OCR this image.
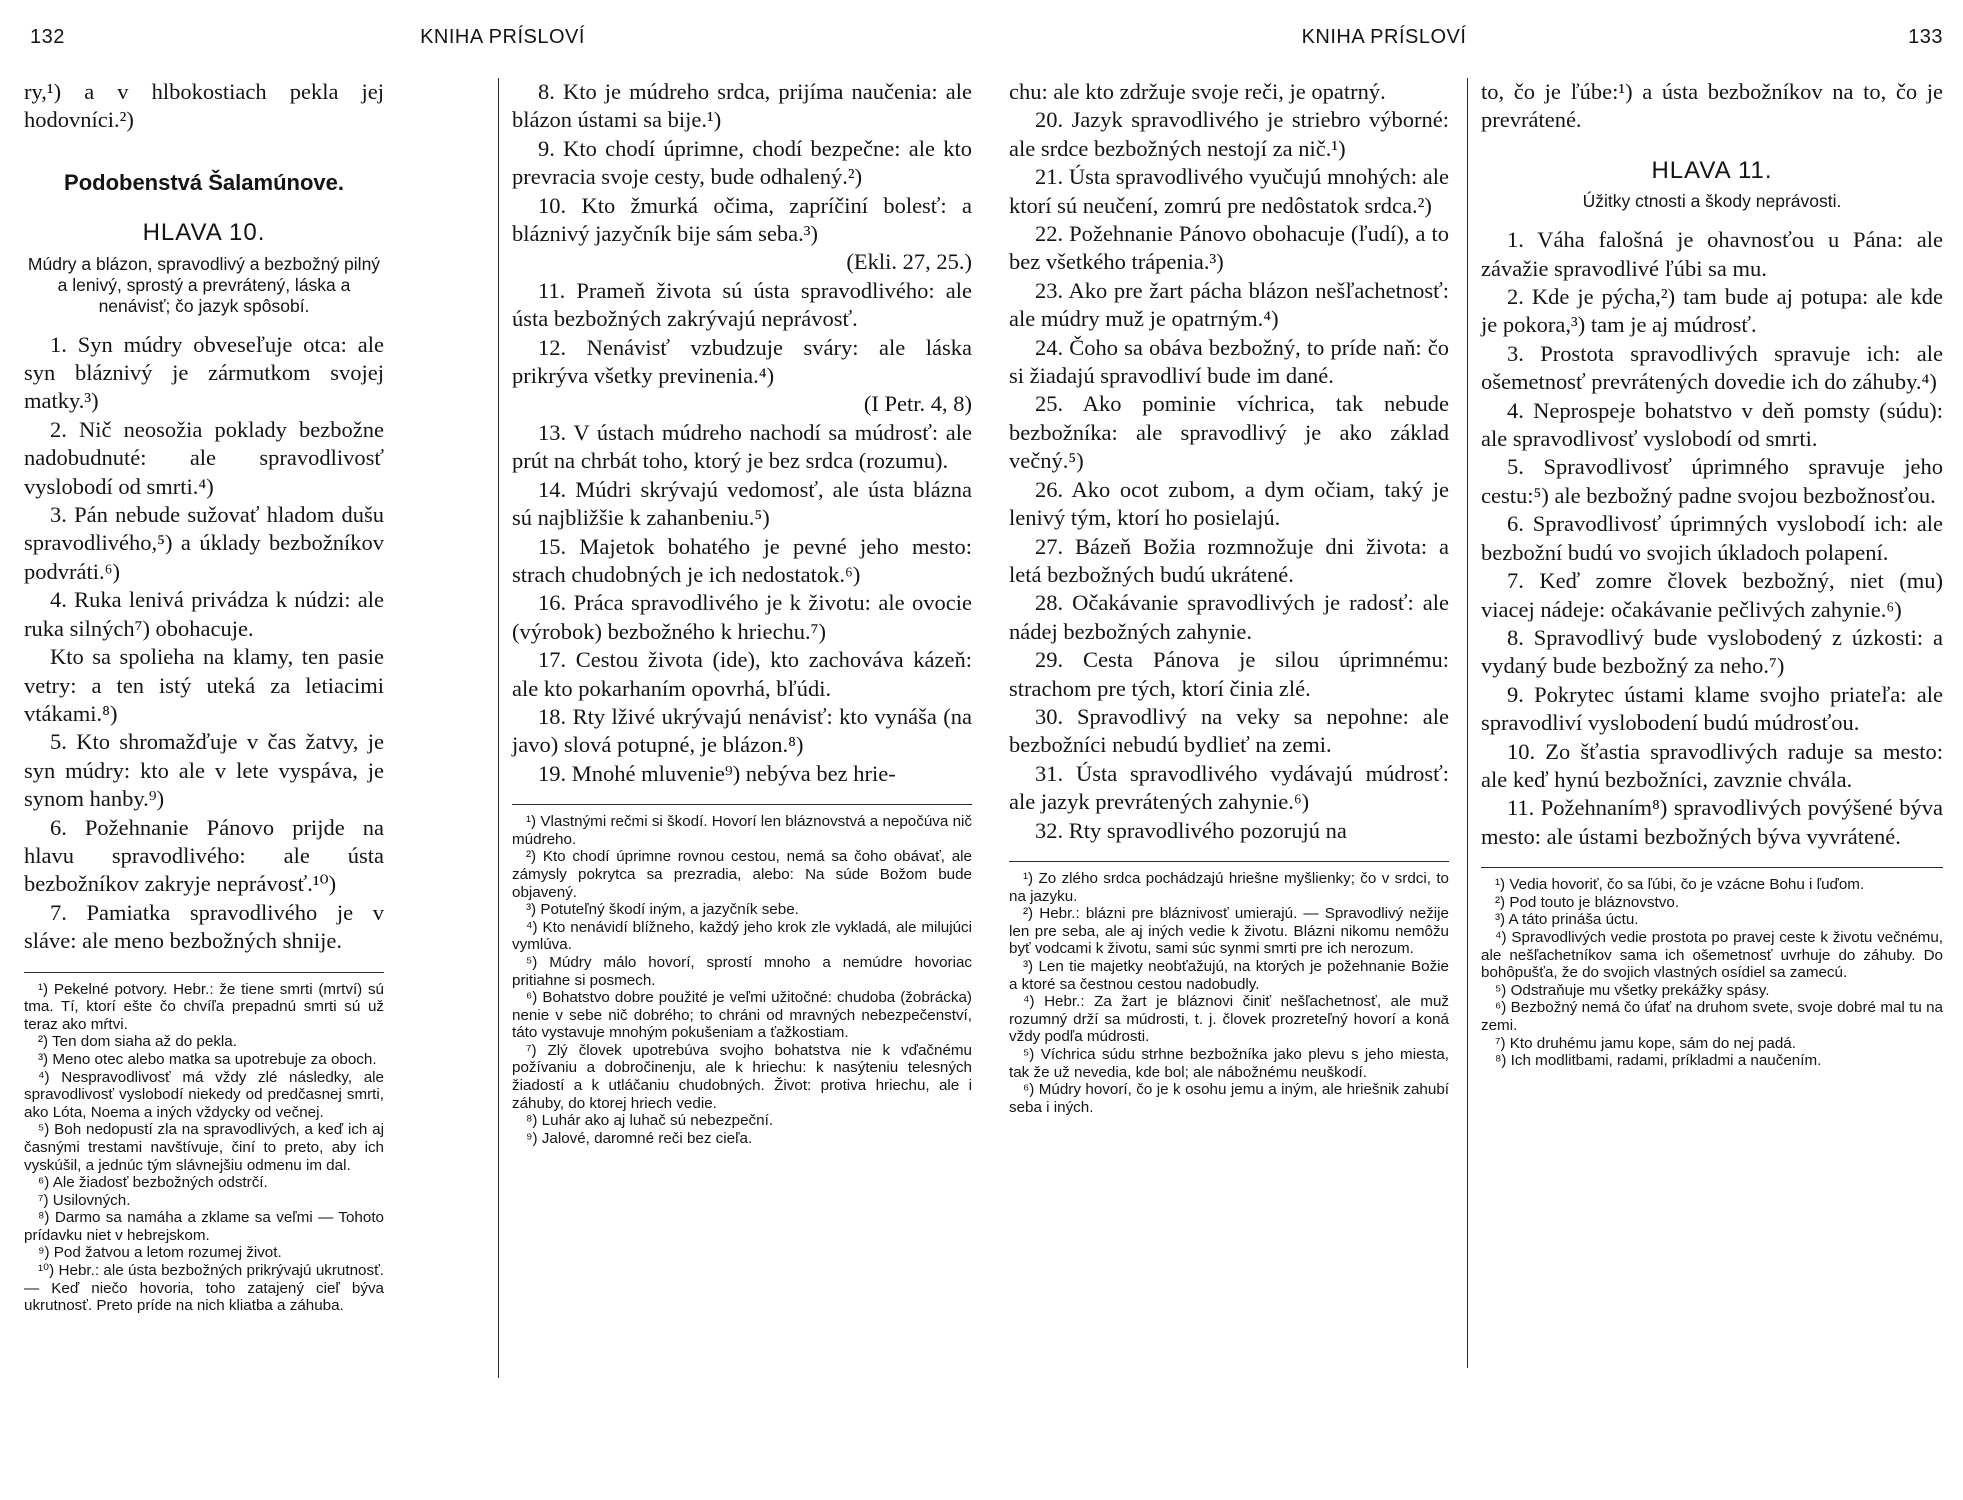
132	KNIHA PRÍSLOVÍ

ry,¹) a v hlbokostiach pekla jej hodovníci.²)

Podobenstvá Šalamúnove.
HLAVA 10.
Múdry a blázon, spravodlivý a bezbožný pilný a lenivý, sprostý a prevrátený, láska a nenávisť; čo jazyk spôsobí.

1. Syn múdry obveseľuje otca: ale syn bláznivý je zármutkom svojej matky.³)

2. Nič neosožia poklady bezbožne nadobudnuté: ale spravodlivosť vyslobodí od smrti.⁴)

3. Pán nebude sužovať hladom dušu spravodlivého,⁵) a úklady bezbožníkov podvráti.⁶)

4. Ruka lenivá privádza k núdzi: ale ruka silných⁷) obohacuje.

Kto sa spolieha na klamy, ten pasie vetry: a ten istý uteká za letiacimi vtákami.⁸)

5. Kto shromažďuje v čas žatvy, je syn múdry: kto ale v lete vyspáva, je synom hanby.⁹)

6. Požehnanie Pánovo prijde na hlavu spravodlivého: ale ústa bezbožníkov zakryje neprávosť.¹⁰)

7. Pamiatka spravodlivého je v sláve: ale meno bezbožných shnije.

¹) Pekelné potvory. Hebr.: že tiene smrti (mrtví) sú tma. Tí, ktorí ešte čo chvíľa prepadnú smrti sú už teraz ako mŕtvi.

²) Ten dom siaha až do pekla.

³) Meno otec alebo matka sa upotrebuje za oboch.

⁴) Nespravodlivosť má vždy zlé následky, ale spravodlivosť vyslobodí niekedy od predčasnej smrti, ako Lóta, Noema a iných vždycky od večnej.

⁵) Boh nedopustí zla na spravodlivých, a keď ich aj časnými trestami navštívuje, činí to preto, aby ich vyskúšil, a jednúc tým slávnejšiu odmenu im dal.

⁶) Ale žiadosť bezbožných odstrčí.

⁷) Usilovných.

⁸) Darmo sa namáha a zklame sa veľmi — Tohoto prídavku niet v hebrejskom.

⁹) Pod žatvou a letom rozumej život.

¹⁰) Hebr.: ale ústa bezbožných prikrývajú ukrutnosť. — Keď niečo hovoria, toho zatajený cieľ býva ukrutnosť. Preto príde na nich kliatba a záhuba.

8. Kto je múdreho srdca, prijíma naučenia: ale blázon ústami sa bije.¹)

9. Kto chodí úprimne, chodí bezpečne: ale kto prevracia svoje cesty, bude odhalený.²)

10. Kto žmurká očima, zapríčiní bolesť: a bláznivý jazyčník bije sám seba.³)

(Ekli. 27, 25.)

11. Prameň života sú ústa spravodlivého: ale ústa bezbožných zakrývajú neprávosť.

12. Nenávisť vzbudzuje sváry: ale láska prikrýva všetky previnenia.⁴)

(I Petr. 4, 8)

13. V ústach múdreho nachodí sa múdrosť: ale prút na chrbát toho, ktorý je bez srdca (rozumu).

14. Múdri skrývajú vedomosť, ale ústa blázna sú najbližšie k zahanbeniu.⁵)

15. Majetok bohatého je pevné jeho mesto: strach chudobných je ich nedostatok.⁶)

16. Práca spravodlivého je k životu: ale ovocie (výrobok) bezbožného k hriechu.⁷)

17. Cestou života (ide), kto zachováva kázeň: ale kto pokarhaním opovrhá, bľúdi.

18. Rty lživé ukrývajú nenávisť: kto vynáša (na javo) slová potupné, je blázon.⁸)

19. Mnohé mluvenie⁹) nebýva bez hrie-

¹) Vlastnými rečmi si škodí. Hovorí len bláznovstvá a nepočúva nič múdreho.

²) Kto chodí úprimne rovnou cestou, nemá sa čoho obávať, ale zámysly pokrytca sa prezradia, alebo: Na súde Božom bude objavený.

³) Potuteľný škodí iným, a jazyčník sebe.

⁴) Kto nenávidí blížneho, každý jeho krok zle vykladá, ale milujúci vymlúva.

⁵) Múdry málo hovorí, sprostí mnoho a nemúdre hovoriac pritiahne si posmech.

⁶) Bohatstvo dobre použité je veľmi užitočné: chudoba (žobrácka) nenie v sebe nič dobrého; to chráni od mravných nebezpečenství, táto vystavuje mnohým pokušeniam a ťažkostiam.

⁷) Zlý človek upotrebúva svojho bohatstva nie k vďačnému požívaniu a dobročinenju, ale k hriechu: k nasýteniu telesných žiadostí a k utláčaniu chudobných. Život: protiva hriechu, ale i záhuby, do ktorej hriech vedie.

⁸) Luhár ako aj luhač sú nebezpeční.

⁹) Jalové, daromné reči bez cieľa.

KNIHA PRÍSLOVÍ	133

chu: ale kto zdržuje svoje reči, je opatrný.

20. Jazyk spravodlivého je striebro výborné: ale srdce bezbožných nestojí za nič.¹)

21. Ústa spravodlivého vyučujú mnohých: ale ktorí sú neučení, zomrú pre nedôstatok srdca.²)

22. Požehnanie Pánovo obohacuje (ľudí), a to bez všetkého trápenia.³)

23. Ako pre žart pácha blázon nešľachetnosť: ale múdry muž je opatrným.⁴)

24. Čoho sa obáva bezbožný, to príde naň: čo si žiadajú spravodliví bude im dané.

25. Ako pominie víchrica, tak nebude bezbožníka: ale spravodlivý je ako základ večný.⁵)

26. Ako ocot zubom, a dym očiam, taký je lenivý tým, ktorí ho posielajú.

27. Bázeň Božia rozmnožuje dni života: a letá bezbožných budú ukrátené.

28. Očakávanie spravodlivých je radosť: ale nádej bezbožných zahynie.

29. Cesta Pánova je silou úprimnému: strachom pre tých, ktorí činia zlé.

30. Spravodlivý na veky sa nepohne: ale bezbožníci nebudú bydlieť na zemi.

31. Ústa spravodlivého vydávajú múdrosť: ale jazyk prevrátených zahynie.⁶)

32. Rty spravodlivého pozorujú na

¹) Zo zlého srdca pochádzajú hriešne myšlienky; čo v srdci, to na jazyku.

²) Hebr.: blázni pre bláznivosť umierajú. — Spravodlivý nežije len pre seba, ale aj iných vedie k životu. Blázni nikomu nemôžu byť vodcami k životu, sami súc synmi smrti pre ich nerozum.

³) Len tie majetky neobťažujú, na ktorých je požehnanie Božie a ktoré sa čestnou cestou nadobudly.

⁴) Hebr.: Za žart je bláznovi činiť nešľachetnosť, ale muž rozumný drží sa múdrosti, t. j. človek prozreteľný hovorí a koná vždy podľa múdrosti.

⁵) Víchrica súdu strhne bezbožníka jako plevu s jeho miesta, tak že už nevedia, kde bol; ale nábožnému neuškodí.

⁶) Múdry hovorí, čo je k osohu jemu a iným, ale hriešnik zahubí seba i iných.

to, čo je ľúbe:¹) a ústa bezbožníkov na to, čo je prevrátené.

HLAVA 11.
Úžitky ctnosti a škody neprávosti.

1. Váha falošná je ohavnosťou u Pána: ale závažie spravodlivé ľúbi sa mu.

2. Kde je pýcha,²) tam bude aj potupa: ale kde je pokora,³) tam je aj múdrosť.

3. Prostota spravodlivých spravuje ich: ale ošemetnosť prevrátených dovedie ich do záhuby.⁴)

4. Neprospeje bohatstvo v deň pomsty (súdu): ale spravodlivosť vyslobodí od smrti.

5. Spravodlivosť úprimného spravuje jeho cestu:⁵) ale bezbožný padne svojou bezbožnosťou.

6. Spravodlivosť úprimných vyslobodí ich: ale bezbožní budú vo svojich úkladoch polapení.

7. Keď zomre človek bezbožný, niet (mu) viacej nádeje: očakávanie pečlivých zahynie.⁶)

8. Spravodlivý bude vyslobodený z úzkosti: a vydaný bude bezbožný za neho.⁷)

9. Pokrytec ústami klame svojho priateľa: ale spravodliví vyslobodení budú múdrosťou.

10. Zo šťastia spravodlivých raduje sa mesto: ale keď hynú bezbožníci, zavznie chvála.

11. Požehnaním⁸) spravodlivých povýšené býva mesto: ale ústami bezbožných býva vyvrátené.

¹) Vedia hovoriť, čo sa ľúbi, čo je vzácne Bohu i ľuďom.

²) Pod touto je bláznovstvo.

³) A táto prináša úctu.

⁴) Spravodlivých vedie prostota po pravej ceste k životu večnému, ale nešľachetníkov sama ich ošemetnosť uvrhuje do záhuby. Do bohôpušťa, že do svojich vlastných osídiel sa zamecú.

⁵) Odstraňuje mu všetky prekážky spásy.

⁶) Bezbožný nemá čo úfať na druhom svete, svoje dobré mal tu na zemi.

⁷) Kto druhému jamu kope, sám do nej padá.

⁸) Ich modlitbami, radami, príkladmi a naučením.
